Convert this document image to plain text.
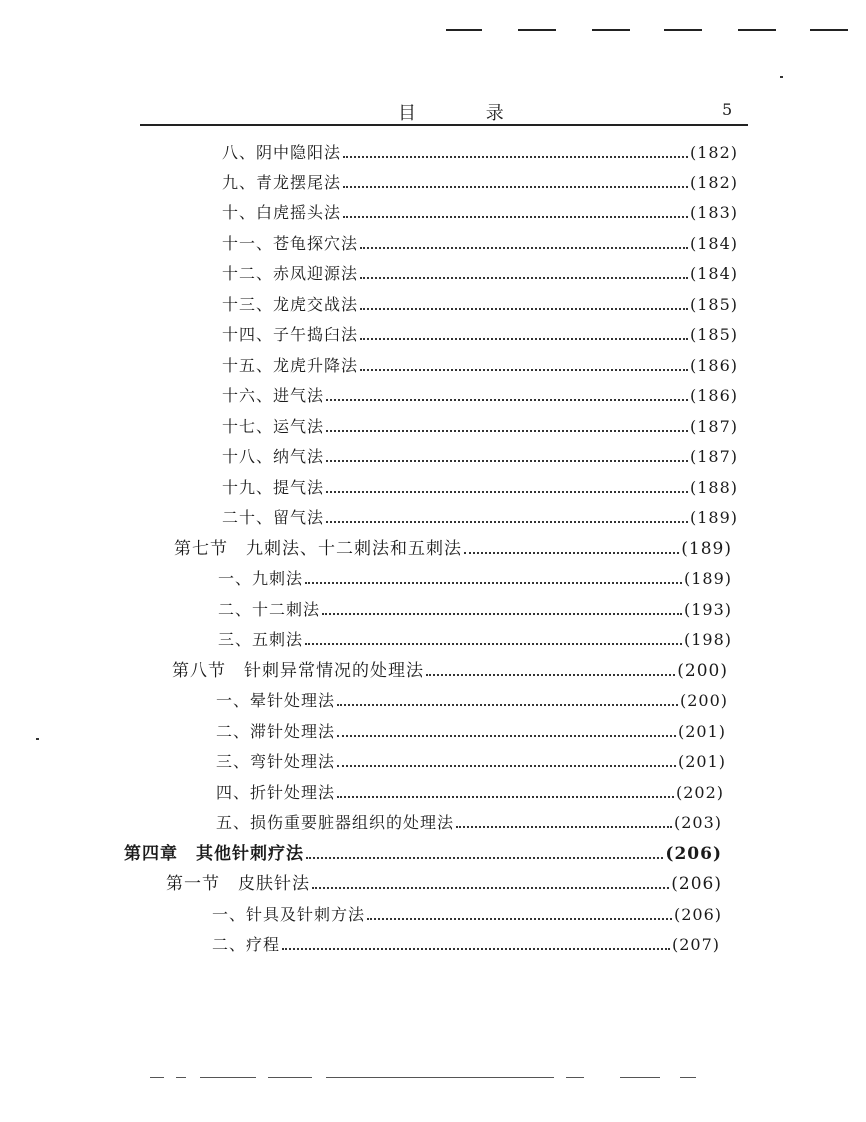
目 录	5
八、阴中隐阳法	(182)
九、青龙摆尾法	(182)
十、白虎摇头法	(183)
十一、苍龟探穴法	(184)
十二、赤凤迎源法	(184)
十三、龙虎交战法	(185)
十四、子午捣臼法	(185)
十五、龙虎升降法	(186)
十六、进气法	(186)
十七、运气法	(187)
十八、纳气法	(187)
十九、提气法	(188)
二十、留气法	(189)
第七节　九刺法、十二刺法和五刺法	(189)
一、九刺法	(189)
二、十二刺法	(193)
三、五刺法	(198)
第八节　针刺异常情况的处理法	(200)
一、晕针处理法	(200)
二、滞针处理法	(201)
三、弯针处理法	(201)
四、折针处理法	(202)
五、损伤重要脏器组织的处理法	(203)
第四章　其他针刺疗法	(206)
第一节　皮肤针法	(206)
一、针具及针刺方法	(206)
二、疗程	(207)
